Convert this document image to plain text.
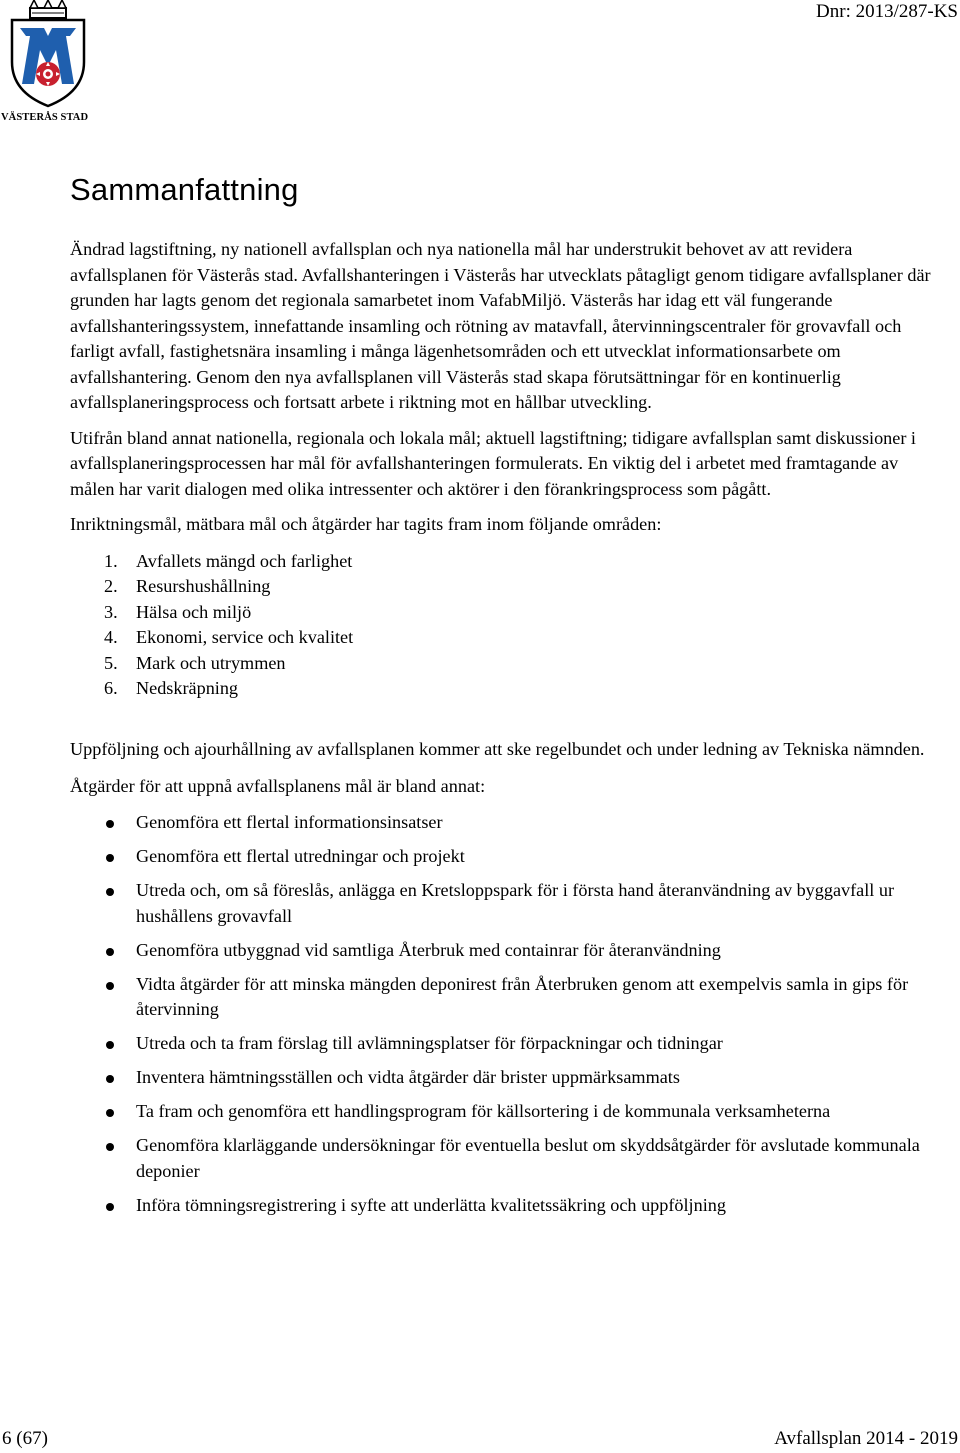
VÄSTERÅS STAD
Dnr: 2013/287-KS
Sammanfattning

Ändrad lagstiftning, ny nationell avfallsplan och nya nationella mål har understrukit behovet av att revidera avfallsplanen för Västerås stad. Avfallshanteringen i Västerås har utvecklats påtagligt genom tidigare avfallsplaner där grunden har lagts genom det regionala samarbetet inom VafabMiljö. Västerås har idag ett väl fungerande avfallshanteringssystem, innefattande insamling och rötning av matavfall, återvinningscentraler för grovavfall och farligt avfall, fastighetsnära insamling i många lägenhetsområden och ett utvecklat informationsarbete om avfallshantering. Genom den nya avfallsplanen vill Västerås stad skapa förutsättningar för en kontinuerlig avfallsplaneringsprocess och fortsatt arbete i riktning mot en hållbar utveckling.

Utifrån bland annat nationella, regionala och lokala mål; aktuell lagstiftning; tidigare avfallsplan samt diskussioner i avfallsplaneringsprocessen har mål för avfallshanteringen formulerats. En viktig del i arbetet med framtagande av målen har varit dialogen med olika intressenter och aktörer i den förankringsprocess som pågått.

Inriktningsmål, mätbara mål och åtgärder har tagits fram inom följande områden:

1. Avfallets mängd och farlighet
2. Resurshushållning
3. Hälsa och miljö
4. Ekonomi, service och kvalitet
5. Mark och utrymmen
6. Nedskräpning

Uppföljning och ajourhållning av avfallsplanen kommer att ske regelbundet och under ledning av Tekniska nämnden.

Åtgärder för att uppnå avfallsplanens mål är bland annat:

Genomföra ett flertal informationsinsatser
Genomföra ett flertal utredningar och projekt
Utreda och, om så föreslås, anlägga en Kretsloppspark för i första hand återanvändning av byggavfall ur hushållens grovavfall
Genomföra utbyggnad vid samtliga Återbruk med containrar för återanvändning
Vidta åtgärder för att minska mängden deponirest från Återbruken genom att exempelvis samla in gips för återvinning
Utreda och ta fram förslag till avlämningsplatser för förpackningar och tidningar
Inventera hämtningsställen och vidta åtgärder där brister uppmärksammats
Ta fram och genomföra ett handlingsprogram för källsortering i de kommunala verksamheterna
Genomföra klarläggande undersökningar för eventuella beslut om skyddsåtgärder för avslutade kommunala deponier
Införa tömningsregistrering i syfte att underlätta kvalitetssäkring och uppföljning
6 (67)	Avfallsplan 2014 - 2019
